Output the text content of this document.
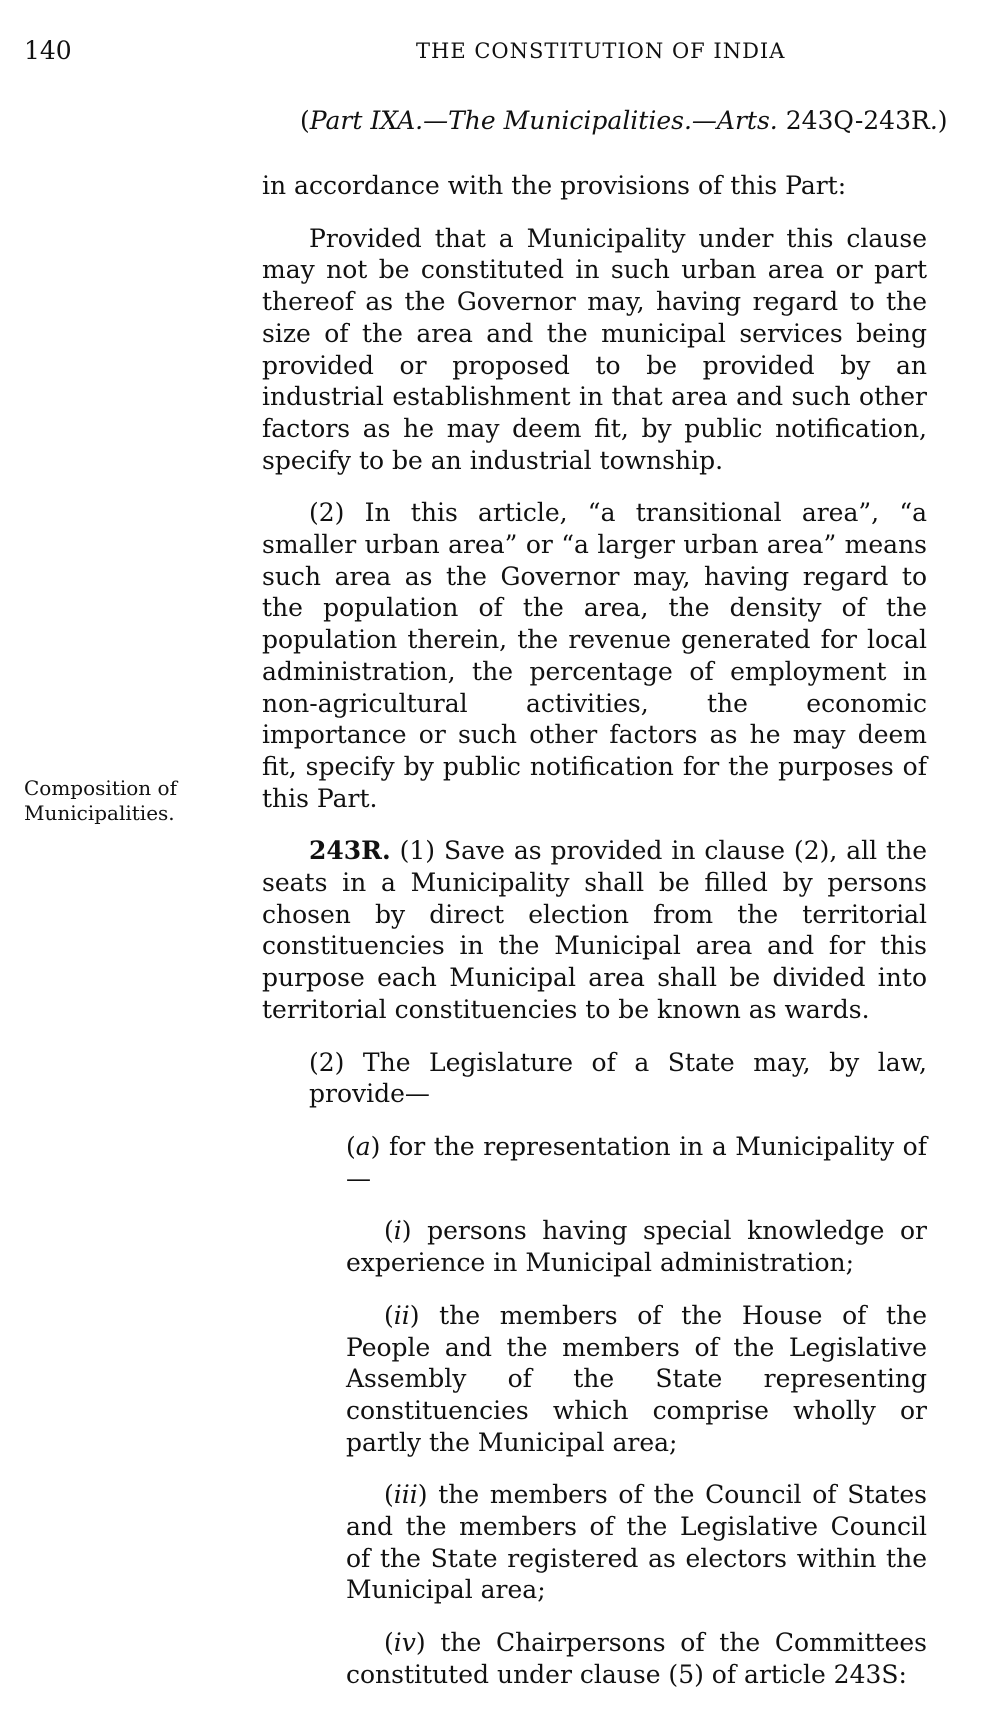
140	THE CONSTITUTION OF INDIA
(Part IXA.—The Municipalities.—Arts. 243Q-243R.)
Composition of
Municipalities.

in accordance with the provisions of this Part:

Provided that a Municipality under this clause may not be constituted in such urban area or part thereof as the Governor may, having regard to the size of the area and the municipal services being provided or proposed to be provided by an industrial establishment in that area and such other factors as he may deem fit, by public notification, specify to be an industrial township.

(2) In this article, “a transitional area”, “a smaller urban area” or “a larger urban area” means such area as the Governor may, having regard to the population of the area, the density of the population therein, the revenue generated for local administration, the percentage of employment in non-agricultural activities, the economic importance or such other factors as he may deem fit, specify by public notification for the purposes of this Part.

243R. (1) Save as provided in clause (2), all the seats in a Municipality shall be filled by persons chosen by direct election from the territorial constituencies in the Municipal area and for this purpose each Municipal area shall be divided into territorial constituencies to be known as wards.

(2) The Legislature of a State may, by law, provide—

(a) for the representation in a Municipality of—

(i) persons having special knowledge or experience in Municipal administration;

(ii) the members of the House of the People and the members of the Legislative Assembly of the State representing constituencies which comprise wholly or partly the Municipal area;

(iii) the members of the Council of States and the members of the Legislative Council of the State registered as electors within the Municipal area;

(iv) the Chairpersons of the Committees constituted under clause (5) of article 243S:
